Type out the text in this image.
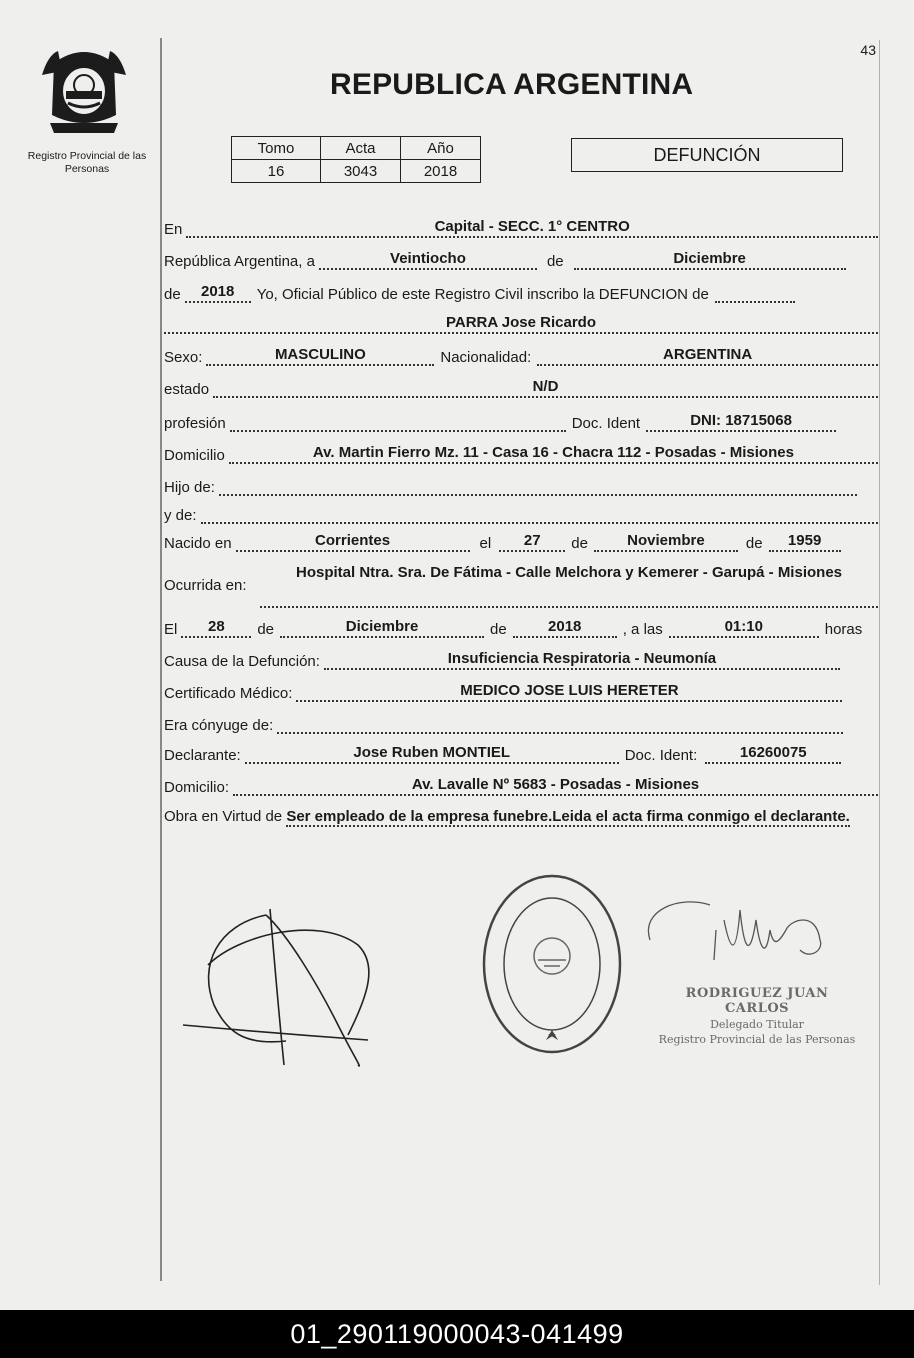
43
Registro Provincial de las Personas
REPUBLICA ARGENTINA
Tomo	Acta	Año
16	3043	2018
DEFUNCIÓN
En	Capital - SECC. 1° CENTRO
República Argentina, a	Veintiocho	de	Diciembre
de	2018	Yo, Oficial Público de este Registro Civil inscribo la DEFUNCION de
PARRA Jose Ricardo
Sexo:	MASCULINO	Nacionalidad:	ARGENTINA
estado	N/D
profesión	Doc. Ident	DNI: 18715068
Domicilio	Av. Martin Fierro Mz. 11 - Casa 16 - Chacra 112 - Posadas - Misiones
Hijo de:
y de:
Nacido en	Corrientes	el	27	de	Noviembre	de	1959
Ocurrida en:
Hospital Ntra. Sra. De Fátima - Calle Melchora y Kemerer - Garupá - Misiones
El	28	de	Diciembre	de	2018	, a las	01:10	horas
Causa de la Defunción:	Insuficiencia Respiratoria - Neumonía
Certificado Médico:	MEDICO JOSE LUIS HERETER
Era cónyuge de:
Declarante:	Jose Ruben MONTIEL	Doc. Ident:	16260075
Domicilio:	Av. Lavalle Nº 5683 - Posadas - Misiones
Obra en Virtud de Ser empleado de la empresa funebre.Leida el acta firma conmigo el declarante.
RODRIGUEZ JUAN CARLOS
Delegado Titular
Registro Provincial de las Personas
01_290119000043-041499
